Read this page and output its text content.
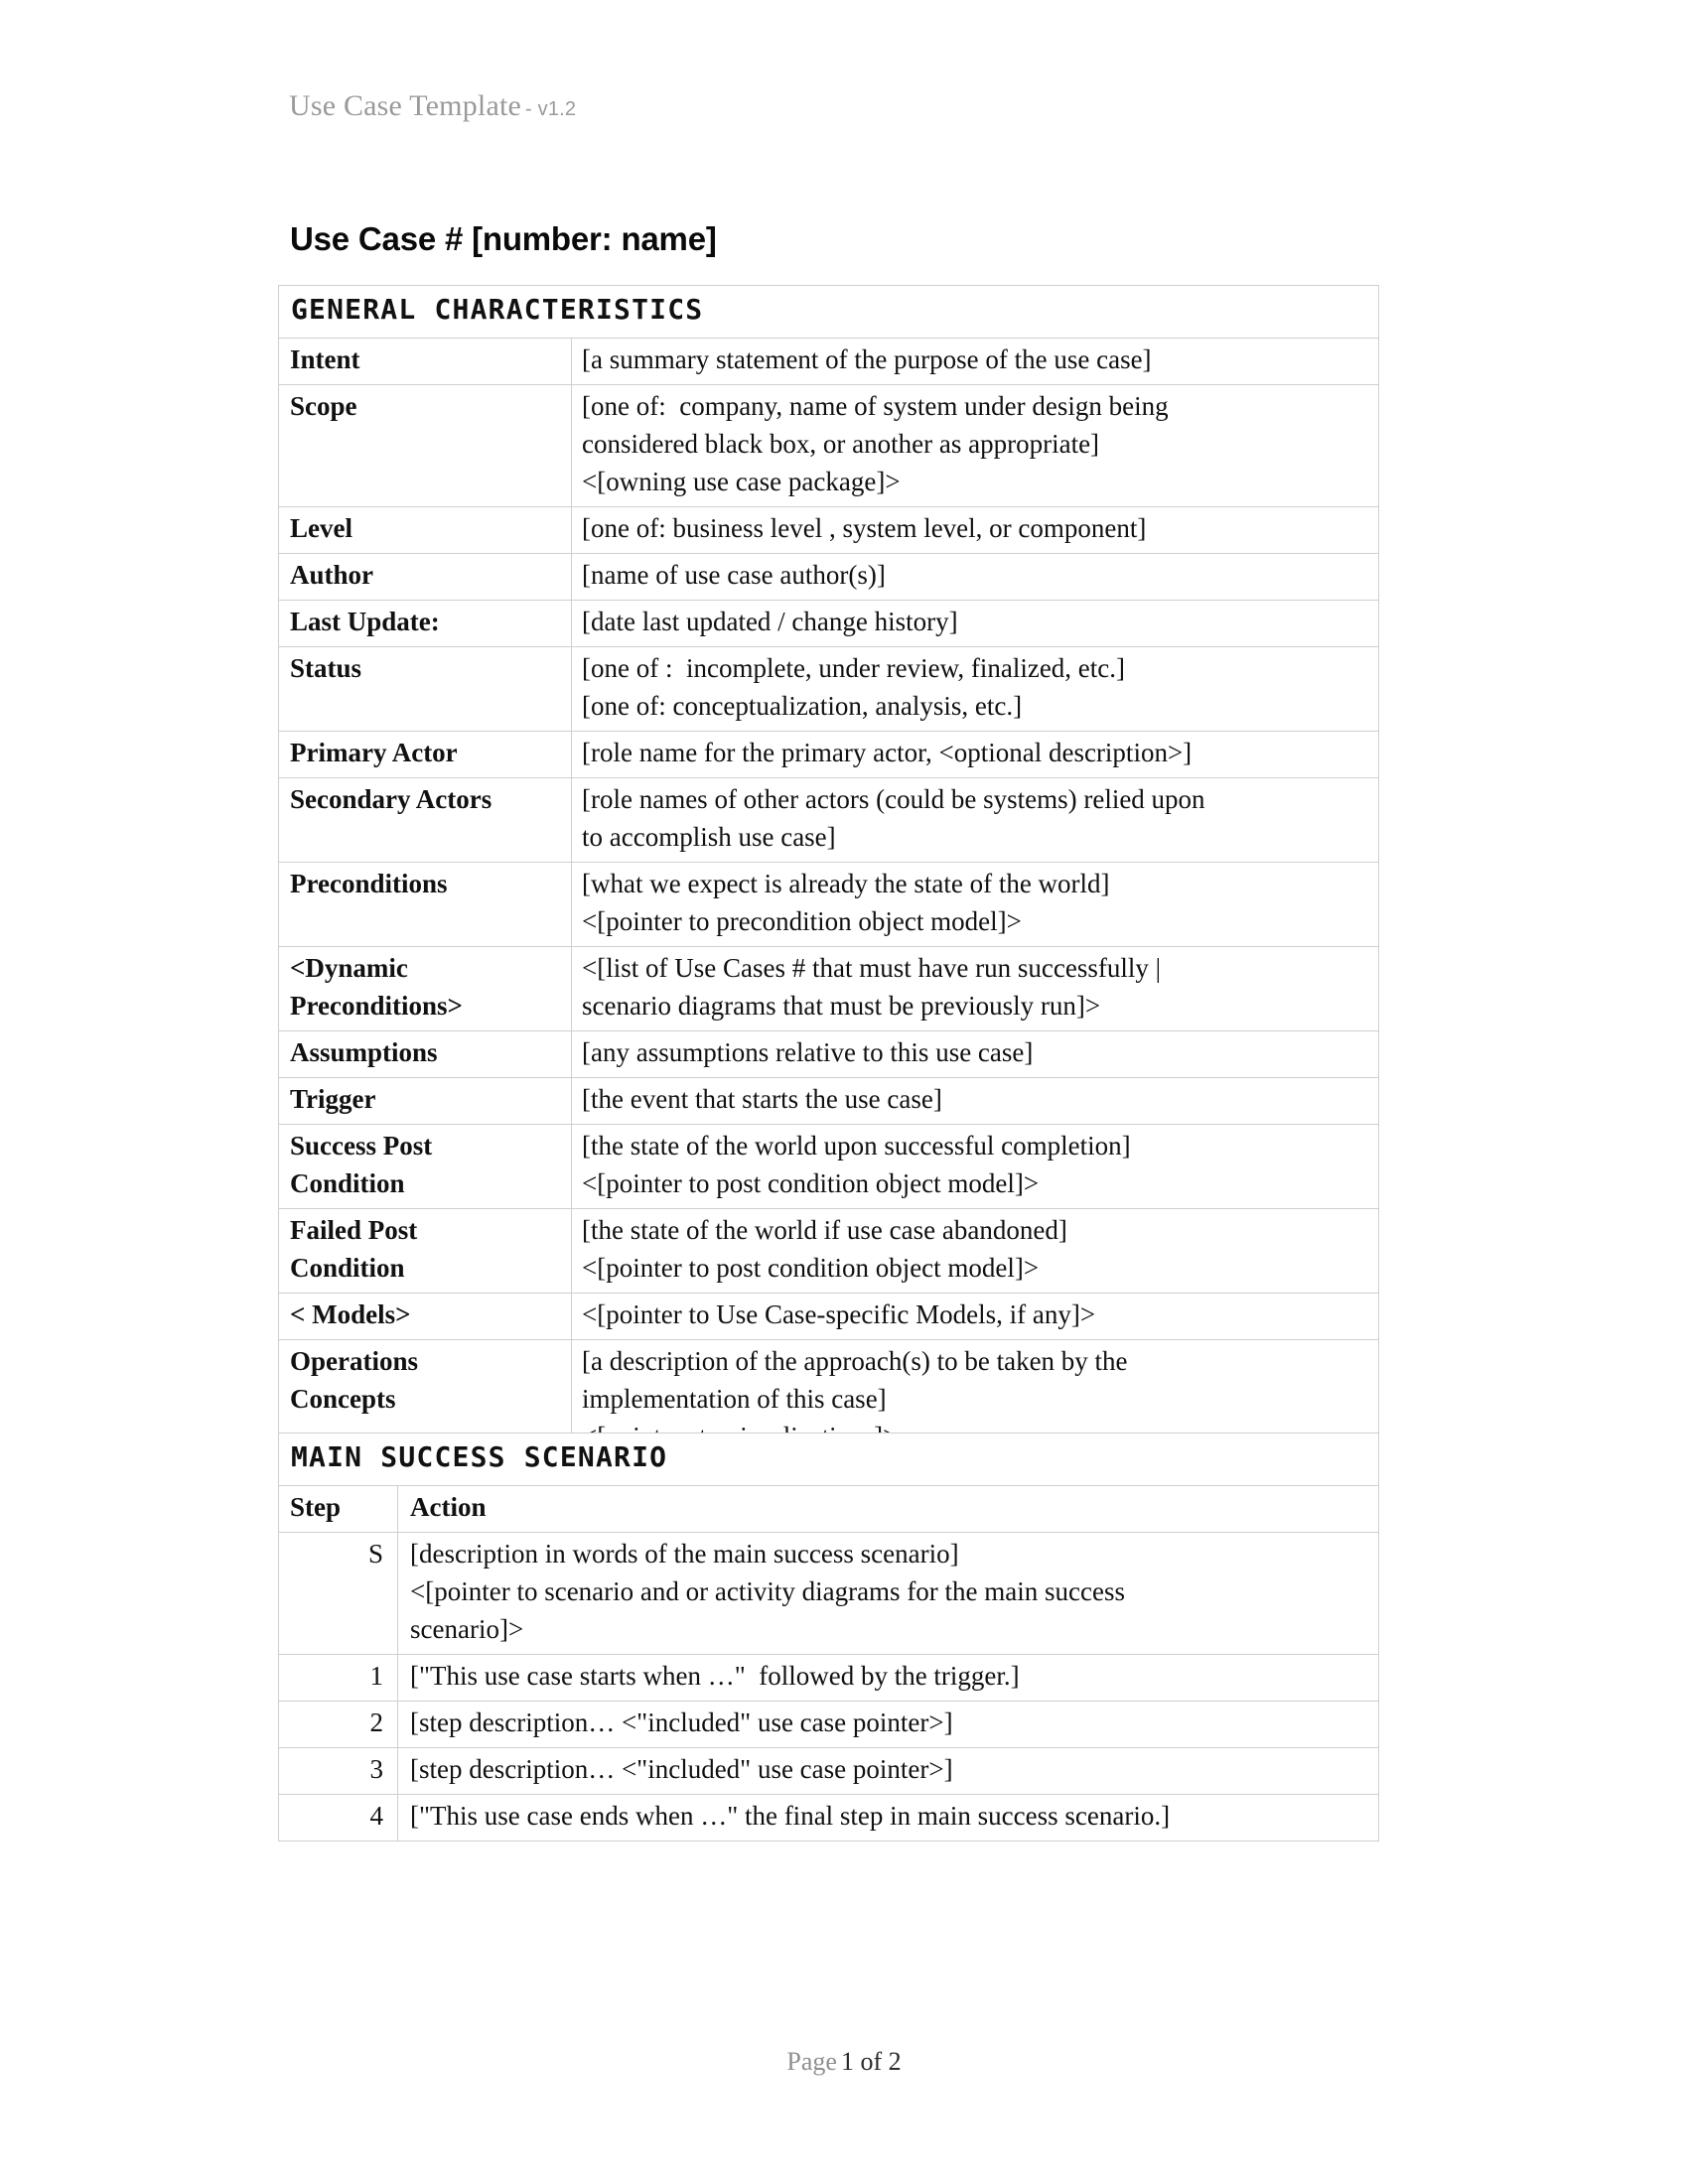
Use Case Template - v1.2
Use Case # [number: name]
GENERAL CHARACTERISTICS	
Intent	[a summary statement of the purpose of the use case]

Scope	[one of:  company, name of system under design being
considered black box, or another as appropriate]
<[owning use case package]>

Level	[one of: business level , system level, or component]

Author	[name of use case author(s)]

Last Update:	[date last updated / change history]

Status	[one of :  incomplete, under review, finalized, etc.]
[one of: conceptualization, analysis, etc.]

Primary Actor	[role name for the primary actor, <optional description>]

Secondary Actors	[role names of other actors (could be systems) relied upon
to accomplish use case]

Preconditions	[what we expect is already the state of the world]
<[pointer to precondition object model]>

<Dynamic
Preconditions>	<[list of Use Cases # that must have run successfully |
scenario diagrams that must be previously run]>

Assumptions	[any assumptions relative to this use case]

Trigger	[the event that starts the use case]

Success Post
Condition	[the state of the world upon successful completion]
<[pointer to post condition object model]>

Failed Post
Condition	[the state of the world if use case abandoned]
<[pointer to post condition object model]>

< Models>	<[pointer to Use Case-specific Models, if any]>

Operations
Concepts	[a description of the approach(s) to be taken by the
implementation of this case]

MAIN SUCCESS SCENARIO	
Step	Action
S	[description in words of the main success scenario]
<[pointer to scenario and or activity diagrams for the main success
scenario]>

1	["This use case starts when …"  followed by the trigger.]

2	[step description… <"included" use case pointer>]

3	[step description… <"included" use case pointer>]

4	["This use case ends when …" the final step in main success scenario.]
Page 1 of 2
